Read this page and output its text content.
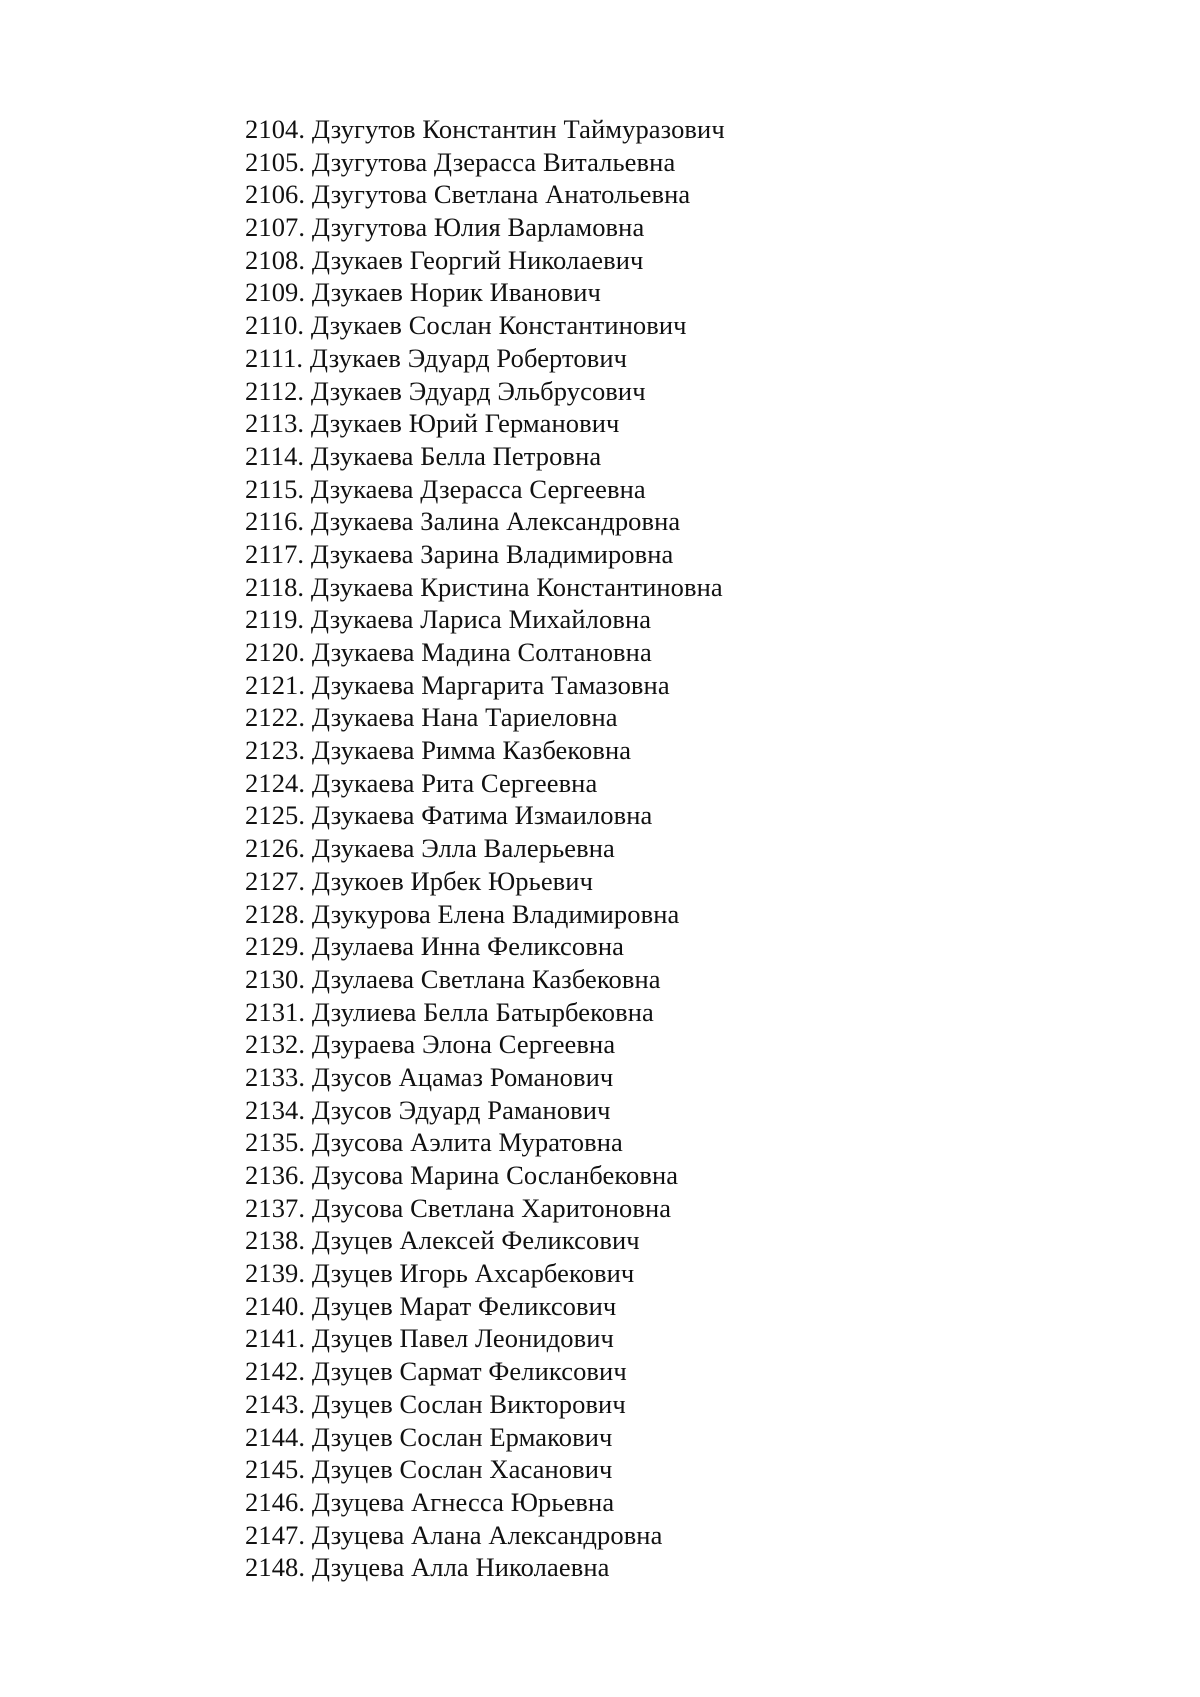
2104. Дзугутов Константин Таймуразович
2105. Дзугутова Дзерасса Витальевна
2106. Дзугутова Светлана Анатольевна
2107. Дзугутова Юлия Варламовна
2108. Дзукаев Георгий Николаевич
2109. Дзукаев Норик Иванович
2110. Дзукаев Сослан Константинович
2111. Дзукаев Эдуард Робертович
2112. Дзукаев Эдуард Эльбрусович
2113. Дзукаев Юрий Германович
2114. Дзукаева Белла Петровна
2115. Дзукаева Дзерасса Сергеевна
2116. Дзукаева Залина Александровна
2117. Дзукаева Зарина Владимировна
2118. Дзукаева Кристина Константиновна
2119. Дзукаева Лариса Михайловна
2120. Дзукаева Мадина Солтановна
2121. Дзукаева Маргарита Тамазовна
2122. Дзукаева Нана Тариеловна
2123. Дзукаева Римма Казбековна
2124. Дзукаева Рита Сергеевна
2125. Дзукаева Фатима Измаиловна
2126. Дзукаева Элла Валерьевна
2127. Дзукоев Ирбек Юрьевич
2128. Дзукурова Елена Владимировна
2129. Дзулаева Инна Феликсовна
2130. Дзулаева Светлана Казбековна
2131. Дзулиева Белла Батырбековна
2132. Дзураева Элона Сергеевна
2133. Дзусов Ацамаз Романович
2134. Дзусов Эдуард Раманович
2135. Дзусова Аэлита Муратовна
2136. Дзусова Марина Сосланбековна
2137. Дзусова Светлана Харитоновна
2138. Дзуцев Алексей Феликсович
2139. Дзуцев Игорь Ахсарбекович
2140. Дзуцев Марат Феликсович
2141. Дзуцев Павел Леонидович
2142. Дзуцев Сармат Феликсович
2143. Дзуцев Сослан Викторович
2144. Дзуцев Сослан Ермакович
2145. Дзуцев Сослан Хасанович
2146. Дзуцева Агнесса Юрьевна
2147. Дзуцева Алана Александровна
2148. Дзуцева Алла Николаевна
